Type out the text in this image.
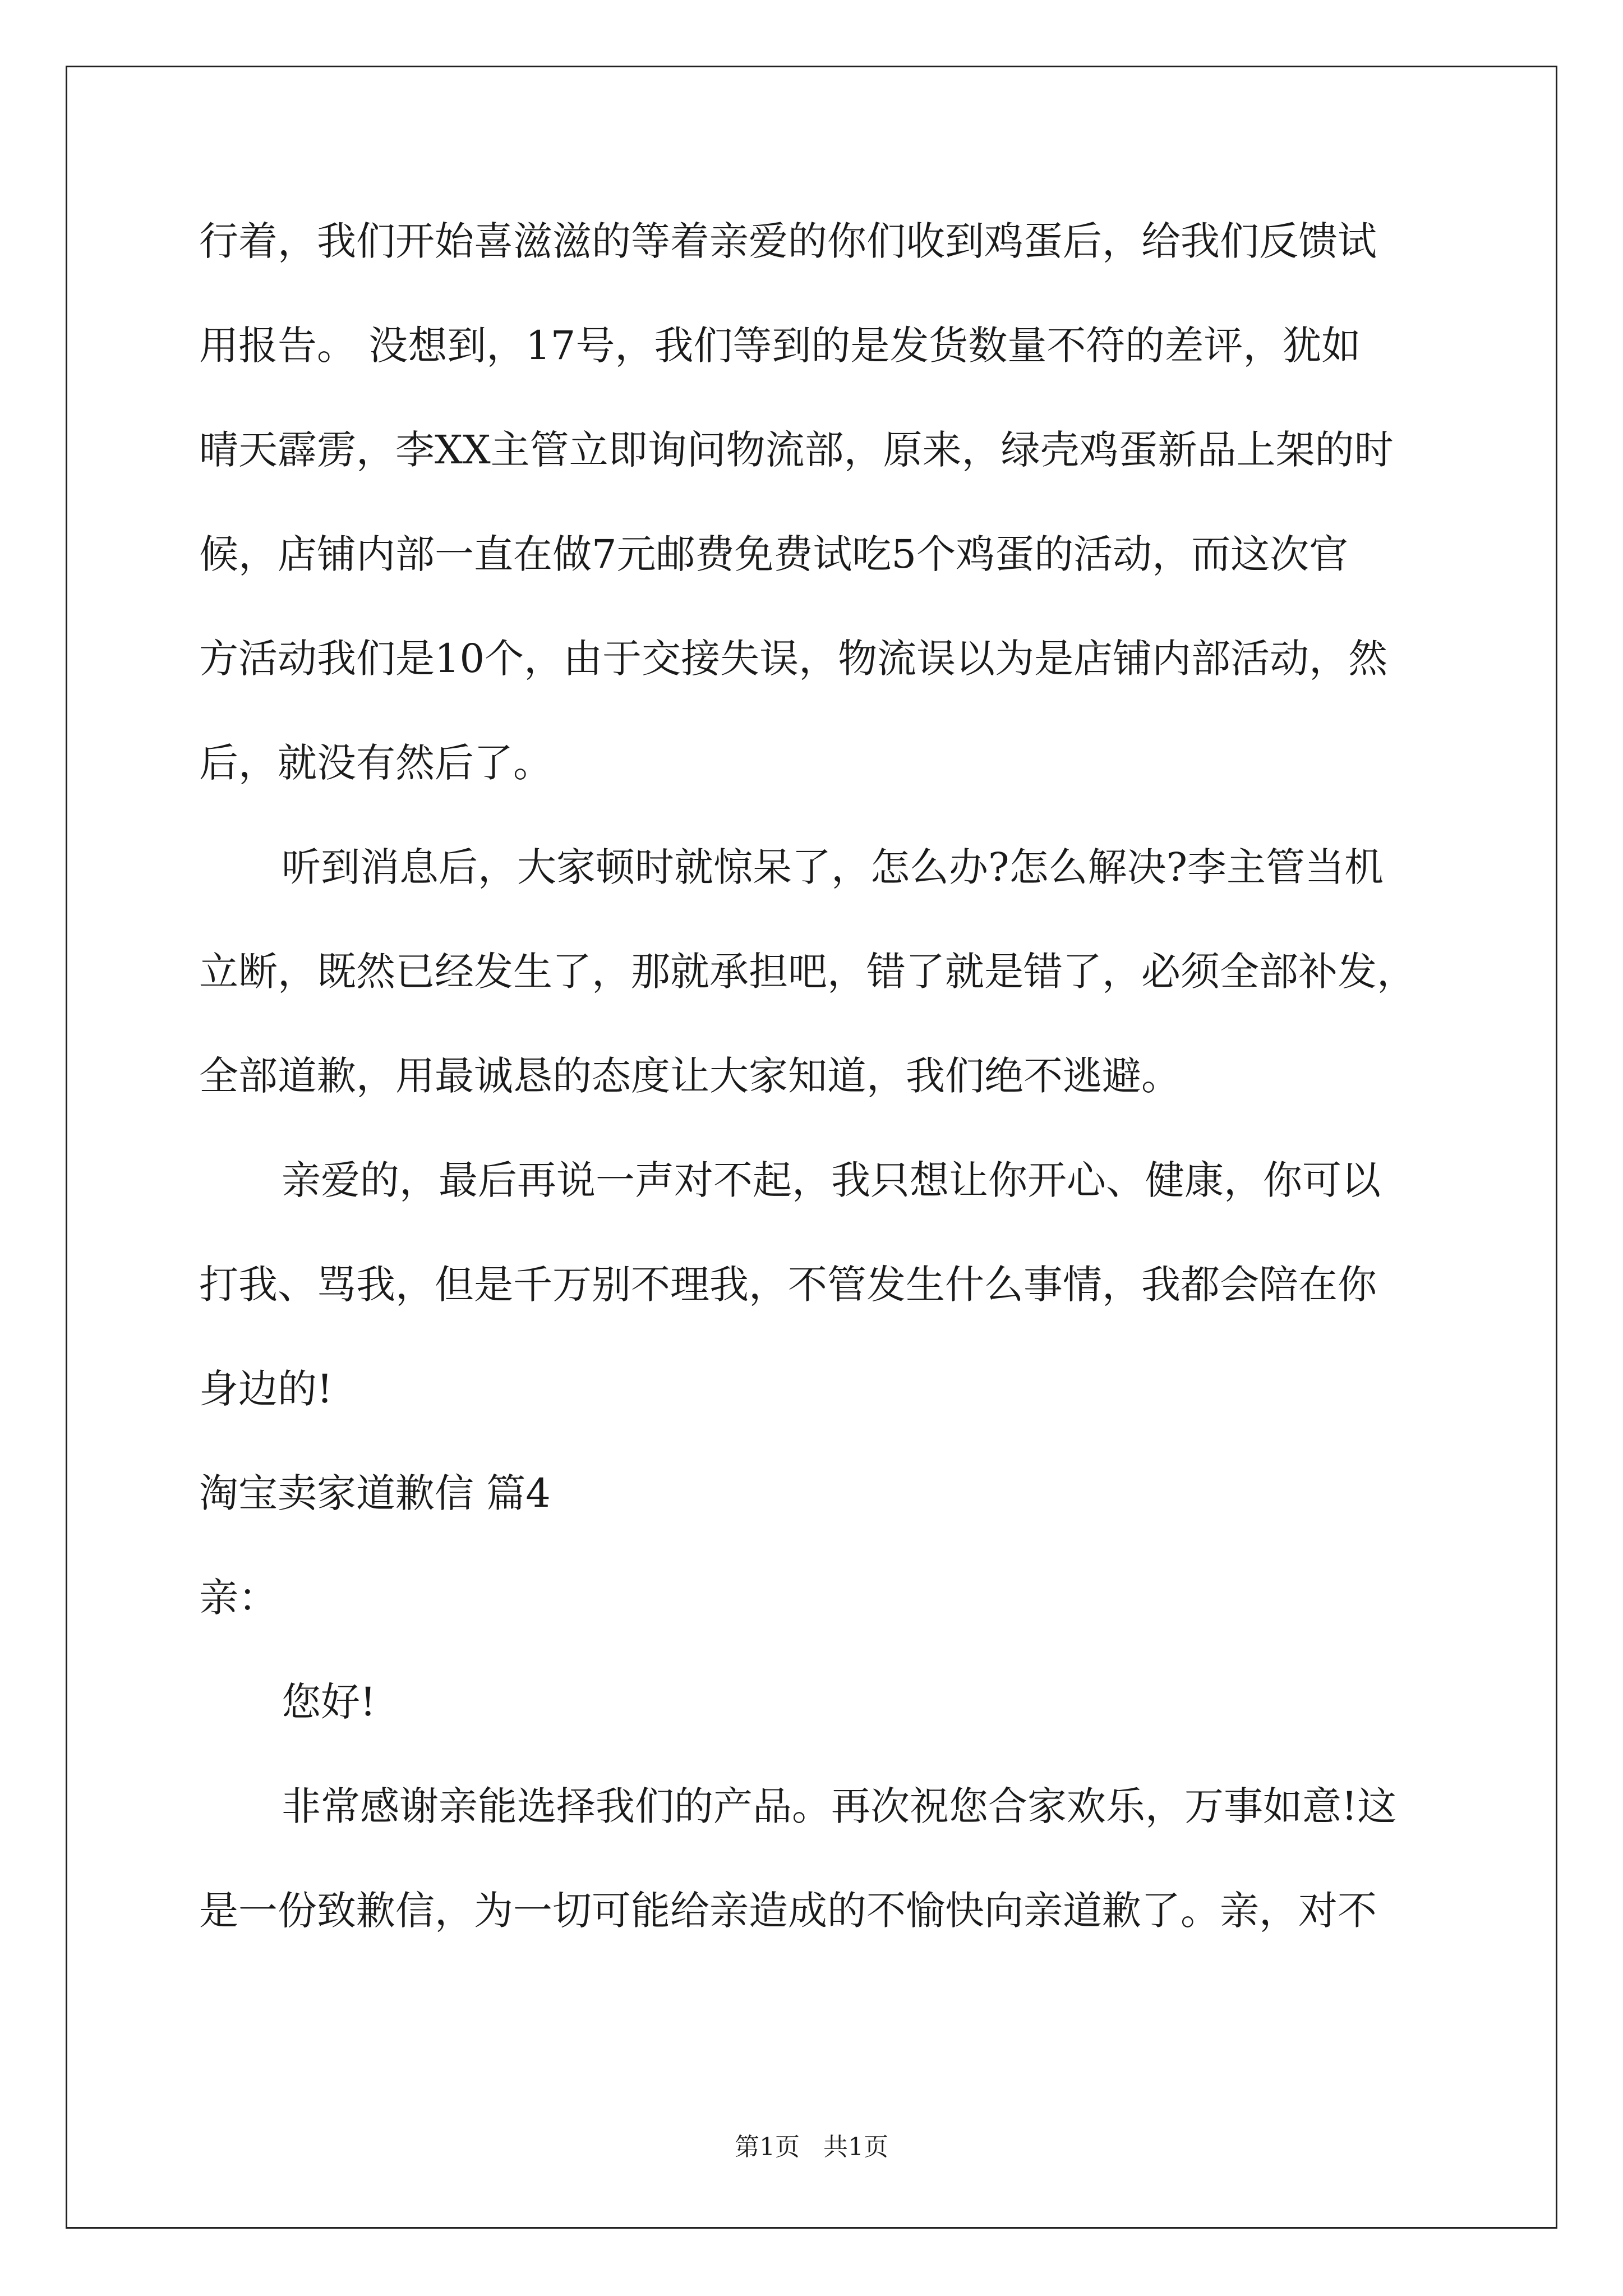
行着，我们开始喜滋滋的等着亲爱的你们收到鸡蛋后，给我们反馈试
用报告。 没想到，17号，我们等到的是发货数量不符的差评，犹如
晴天霹雳，李XX主管立即询问物流部，原来，绿壳鸡蛋新品上架的时
候，店铺内部一直在做7元邮费免费试吃5个鸡蛋的活动，而这次官
方活动我们是10个，由于交接失误，物流误以为是店铺内部活动，然
后，就没有然后了。
听到消息后，大家顿时就惊呆了，怎么办?怎么解决?李主管当机
立断，既然已经发生了，那就承担吧，错了就是错了，必须全部补发，
全部道歉，用最诚恳的态度让大家知道，我们绝不逃避。
亲爱的，最后再说一声对不起，我只想让你开心、健康，你可以
打我、骂我，但是千万别不理我，不管发生什么事情，我都会陪在你
身边的!
淘宝卖家道歉信 篇4
亲：
您好!
非常感谢亲能选择我们的产品。再次祝您合家欢乐，万事如意!这
是一份致歉信，为一切可能给亲造成的不愉快向亲道歉了。亲，对不
第1页   共1页
